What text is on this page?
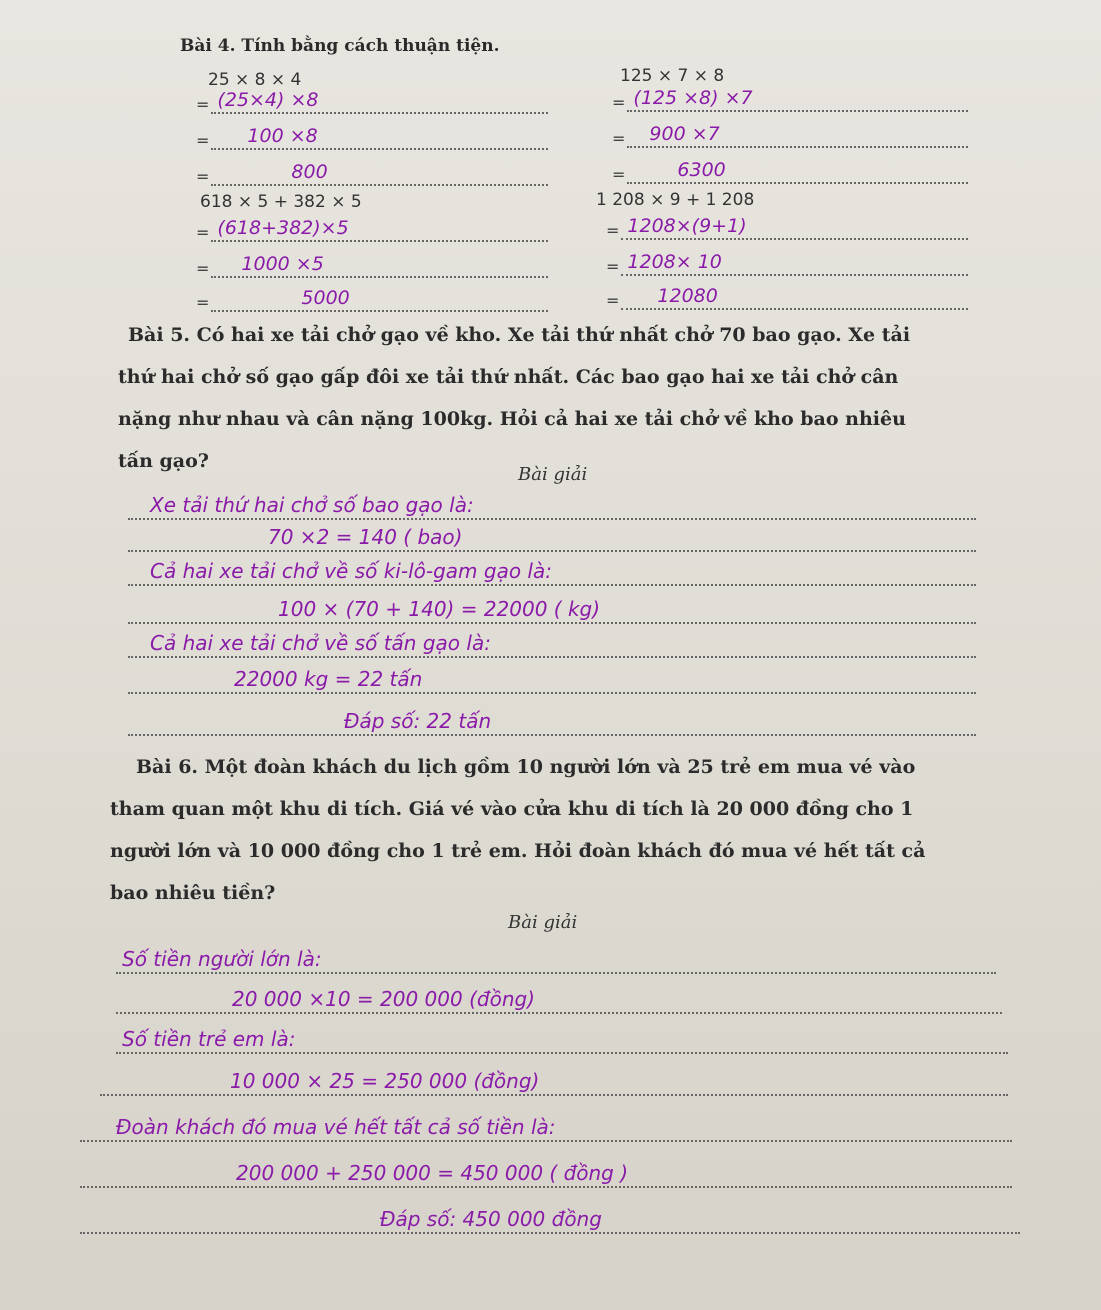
Bài 4. Tính bằng cách thuận tiện.
25 × 8 × 4
= (25×4) ×8
= 100 ×8
=	800
618 × 5 + 382 × 5
= (618+382)×5
= 1000 ×5
=	5000
125 × 7 × 8
= (125 ×8) ×7
= 900 ×7
=	6300
1 208 × 9 + 1 208
= 1208×(9+1)
= 1208× 10
= 12080
Bài 5. Có hai xe tải chở gạo về kho. Xe tải thứ nhất chở 70 bao gạo. Xe tải
thứ hai chở số gạo gấp đôi xe tải thứ nhất. Các bao gạo hai xe tải chở cân
nặng như nhau và cân nặng 100kg. Hỏi cả hai xe tải chở về kho bao nhiêu
tấn gạo?
Bài giải
Xe tải thứ hai chở số bao gạo là:
70 ×2 = 140 ( bao)
Cả hai xe tải chở về số ki-lô-gam gạo là:
100 × (70 + 140) = 22000 ( kg)
Cả hai xe tải chở về số tấn gạo là:
22000 kg = 22 tấn
Đáp số: 22 tấn
Bài 6. Một đoàn khách du lịch gồm 10 người lớn và 25 trẻ em mua vé vào
tham quan một khu di tích. Giá vé vào cửa khu di tích là 20 000 đồng cho 1
người lớn và 10 000 đồng cho 1 trẻ em. Hỏi đoàn khách đó mua vé hết tất cả
bao nhiêu tiền?
Bài giải
Số tiền người lớn là:
20 000 ×10 = 200 000 (đồng)
Số tiền trẻ em là:
10 000 × 25 = 250 000 (đồng)
Đoàn khách đó mua vé hết tất cả số tiền là:
200 000 + 250 000 = 450 000 ( đồng )
Đáp số: 450 000 đồng
